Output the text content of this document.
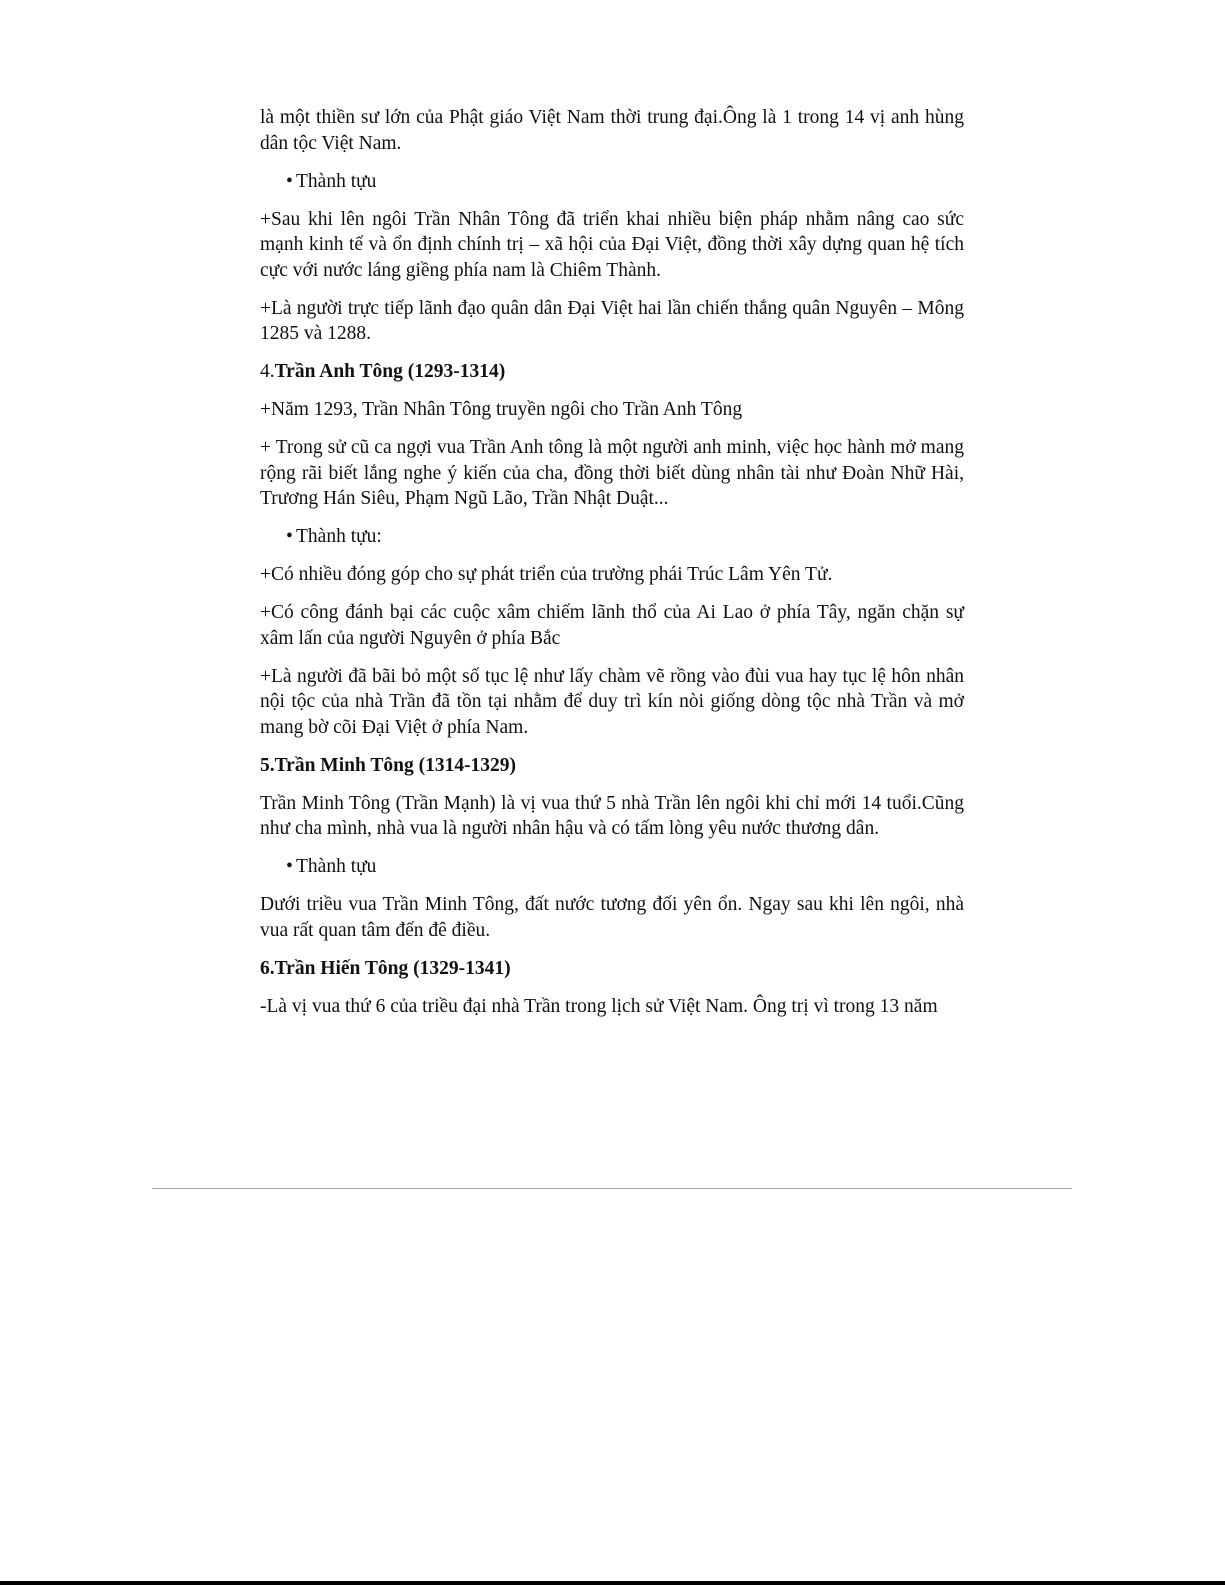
là một thiền sư lớn của Phật giáo Việt Nam thời trung đại.Ông là 1 trong 14 vị anh hùng dân tộc Việt Nam.

• Thành tựu

+Sau khi lên ngôi Trần Nhân Tông đã triển khai nhiều biện pháp nhằm nâng cao sức mạnh kinh tế và ổn định chính trị – xã hội của Đại Việt, đồng thời xây dựng quan hệ tích cực với nước láng giềng phía nam là Chiêm Thành.

+Là người trực tiếp lãnh đạo quân dân Đại Việt hai lần chiến thắng quân Nguyên – Mông 1285 và 1288.

4.Trần Anh Tông (1293-1314)

+Năm 1293, Trần Nhân Tông truyền ngôi cho Trần Anh Tông

+ Trong sử cũ ca ngợi vua Trần Anh tông là một người anh minh, việc học hành mở mang rộng rãi biết lắng nghe ý kiến của cha, đồng thời biết dùng nhân tài như Đoàn Nhữ Hài, Trương Hán Siêu, Phạm Ngũ Lão, Trần Nhật Duật...

• Thành tựu:

+Có nhiều đóng góp cho sự phát triển của trường phái Trúc Lâm Yên Tử.

+Có công đánh bại các cuộc xâm chiếm lãnh thổ của Ai Lao ở phía Tây, ngăn chặn sự xâm lấn của người Nguyên ở phía Bắc

+Là người đã bãi bỏ một số tục lệ như lấy chàm vẽ rồng vào đùi vua hay tục lệ hôn nhân nội tộc của nhà Trần đã tồn tại nhằm để duy trì kín nòi giống dòng tộc nhà Trần và mở mang bờ cõi Đại Việt ở phía Nam.

5.Trần Minh Tông (1314-1329)

Trần Minh Tông (Trần Mạnh) là vị vua thứ 5 nhà Trần lên ngôi khi chỉ mới 14 tuổi.Cũng như cha mình, nhà vua là người nhân hậu và có tấm lòng yêu nước thương dân.

• Thành tựu

Dưới triều vua Trần Minh Tông, đất nước tương đối yên ổn. Ngay sau khi lên ngôi, nhà vua rất quan tâm đến đê điều.

6.Trần Hiến Tông (1329-1341)

-Là vị vua thứ 6 của triều đại nhà Trần trong lịch sử Việt Nam. Ông trị vì trong 13 năm
